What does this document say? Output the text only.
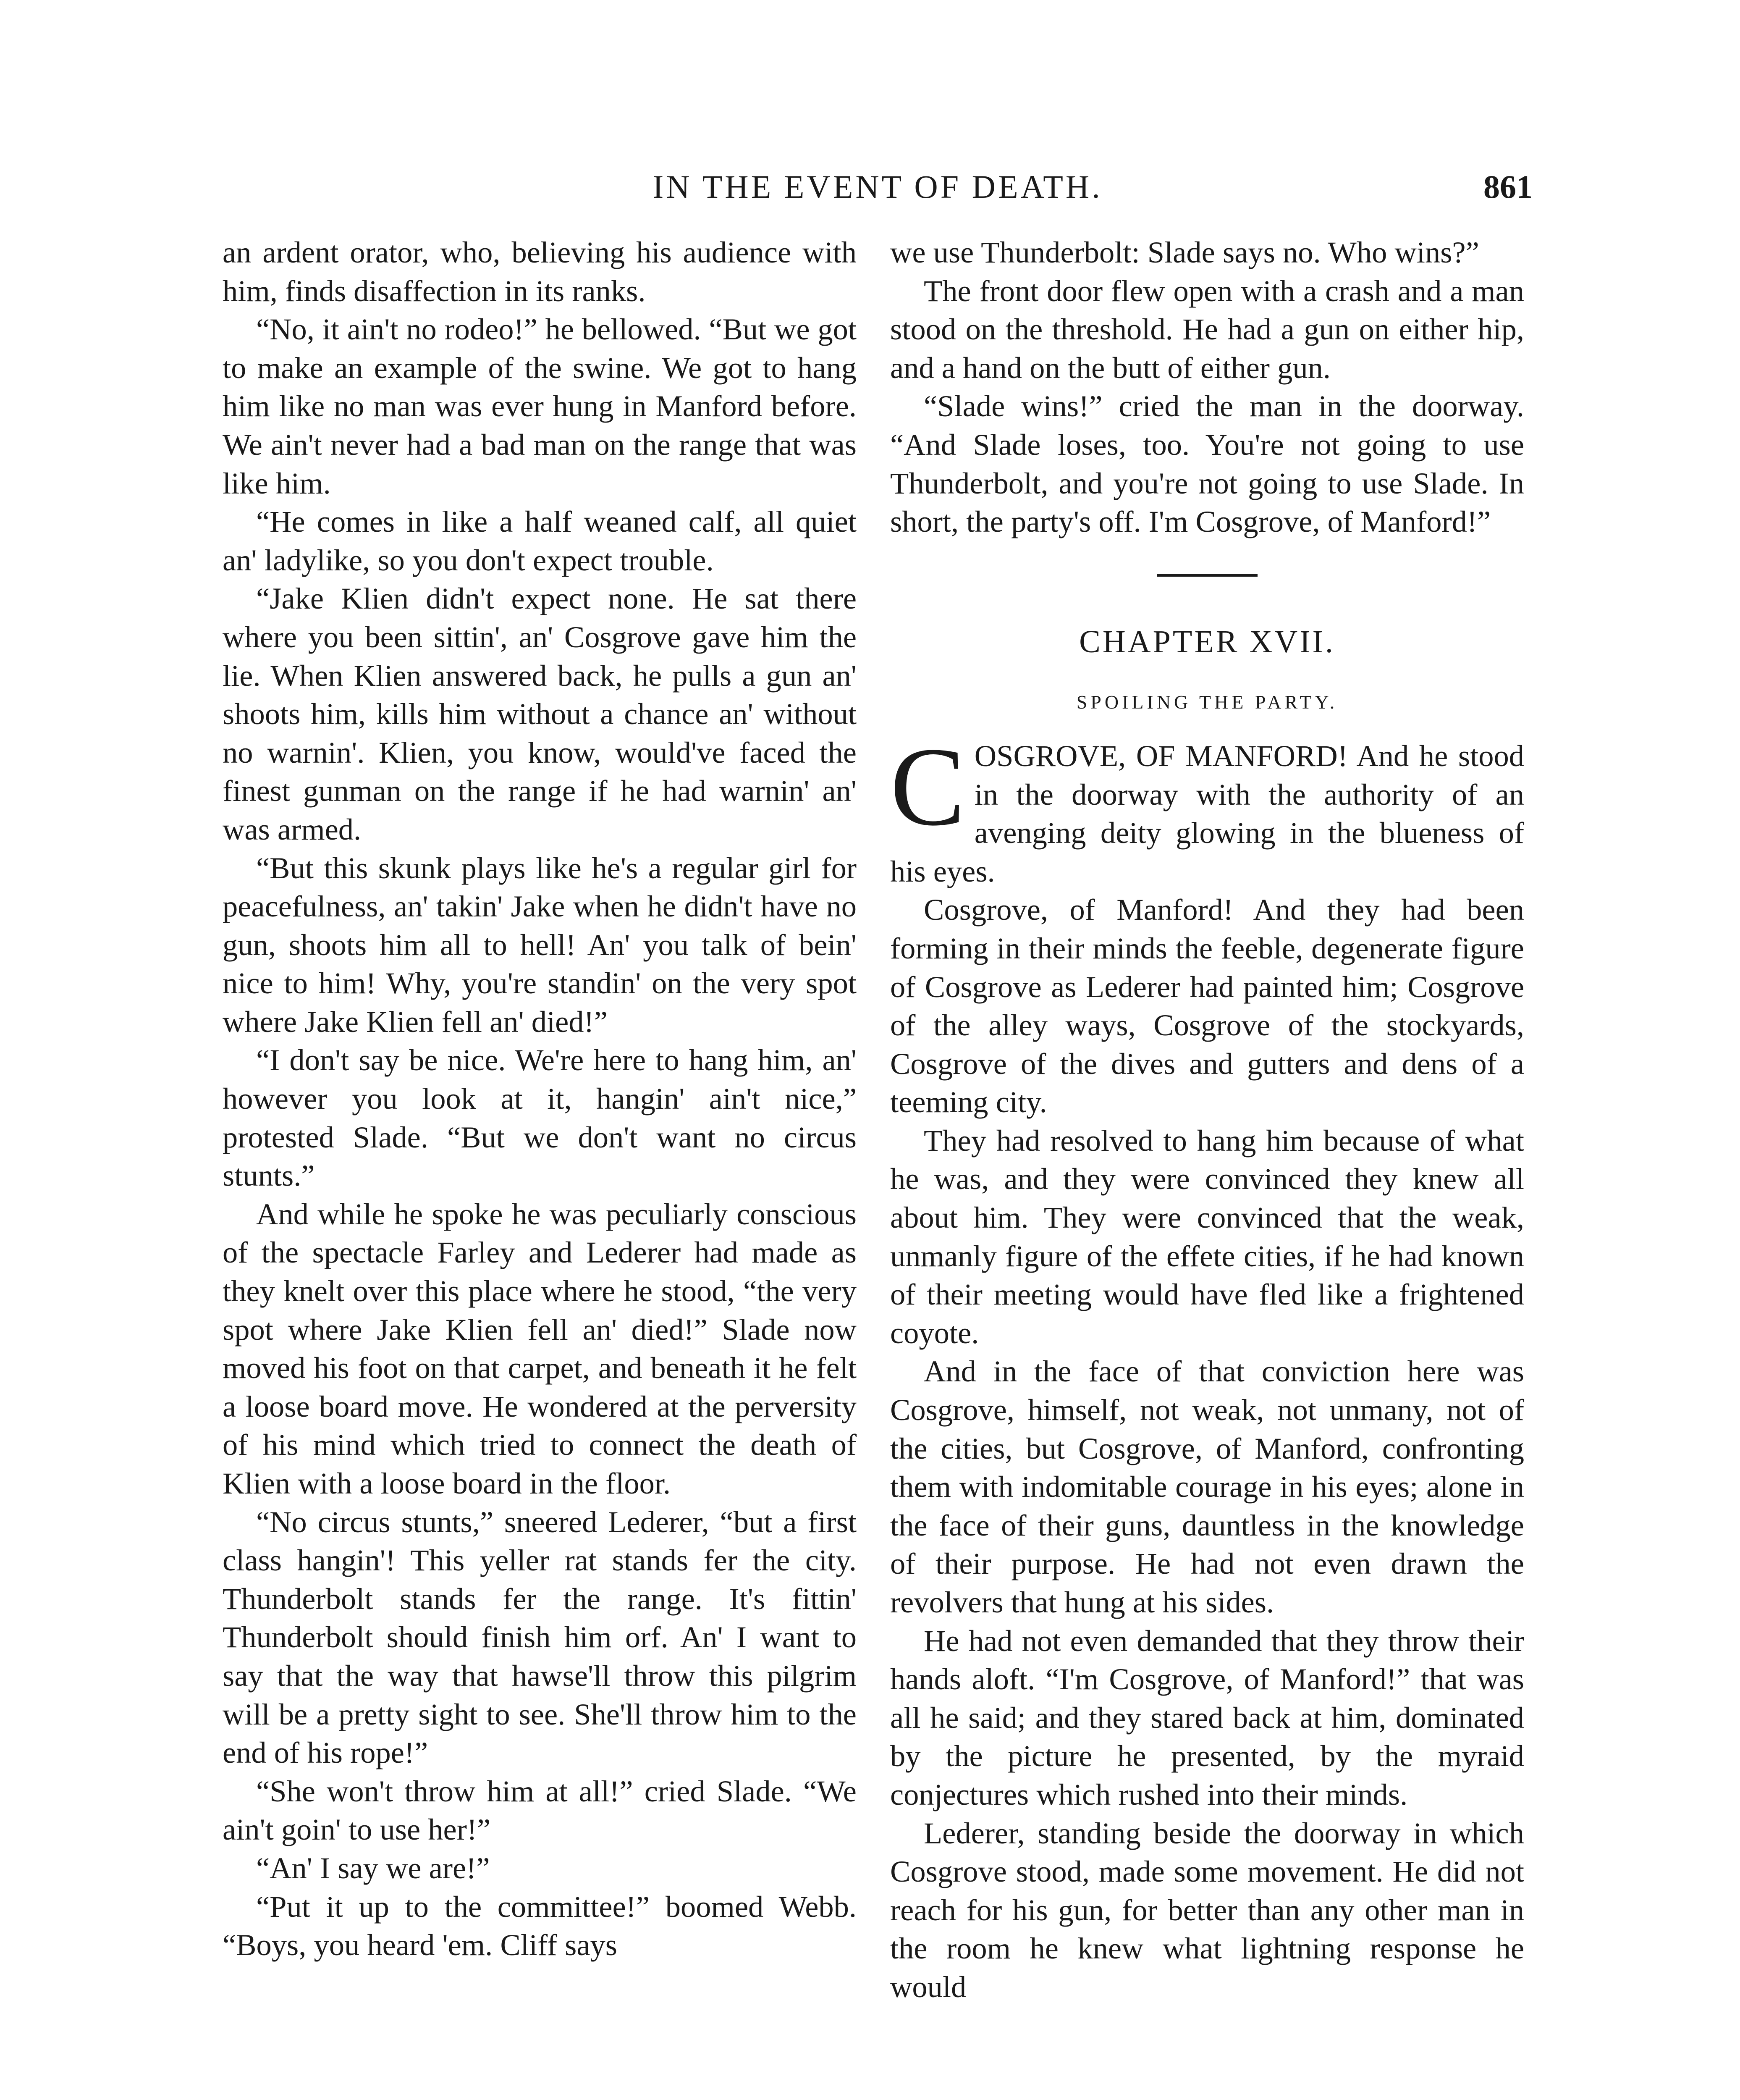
IN THE EVENT OF DEATH.	861

an ardent orator, who, believing his audience with him, finds disaffection in its ranks.

“No, it ain't no rodeo!” he bellowed. “But we got to make an example of the swine. We got to hang him like no man was ever hung in Manford before. We ain't never had a bad man on the range that was like him.

“He comes in like a half weaned calf, all quiet an' ladylike, so you don't expect trouble.

“Jake Klien didn't expect none. He sat there where you been sittin', an' Cosgrove gave him the lie. When Klien answered back, he pulls a gun an' shoots him, kills him without a chance an' without no warnin'. Klien, you know, would've faced the finest gunman on the range if he had warnin' an' was armed.

“But this skunk plays like he's a regular girl for peacefulness, an' takin' Jake when he didn't have no gun, shoots him all to hell! An' you talk of bein' nice to him! Why, you're standin' on the very spot where Jake Klien fell an' died!”

“I don't say be nice. We're here to hang him, an' however you look at it, hangin' ain't nice,” protested Slade. “But we don't want no circus stunts.”

And while he spoke he was peculiarly conscious of the spectacle Farley and Lederer had made as they knelt over this place where he stood, “the very spot where Jake Klien fell an' died!” Slade now moved his foot on that carpet, and beneath it he felt a loose board move. He wondered at the perversity of his mind which tried to connect the death of Klien with a loose board in the floor.

“No circus stunts,” sneered Lederer, “but a first class hangin'! This yeller rat stands fer the city. Thunderbolt stands fer the range. It's fittin' Thunderbolt should finish him orf. An' I want to say that the way that hawse'll throw this pilgrim will be a pretty sight to see. She'll throw him to the end of his rope!”

“She won't throw him at all!” cried Slade. “We ain't goin' to use her!”

“An' I say we are!”

“Put it up to the committee!” boomed Webb. “Boys, you heard 'em. Cliff says

we use Thunderbolt: Slade says no. Who wins?”

The front door flew open with a crash and a man stood on the threshold. He had a gun on either hip, and a hand on the butt of either gun.

“Slade wins!” cried the man in the doorway. “And Slade loses, too. You're not going to use Thunderbolt, and you're not going to use Slade. In short, the party's off. I'm Cosgrove, of Manford!”

CHAPTER XVII.
SPOILING THE PARTY.

COSGROVE, OF MANFORD! And he stood in the doorway with the authority of an avenging deity glowing in the blueness of his eyes.

Cosgrove, of Manford! And they had been forming in their minds the feeble, degenerate figure of Cosgrove as Lederer had painted him; Cosgrove of the alley ways, Cosgrove of the stockyards, Cosgrove of the dives and gutters and dens of a teeming city.

They had resolved to hang him because of what he was, and they were convinced they knew all about him. They were convinced that the weak, unmanly figure of the effete cities, if he had known of their meeting would have fled like a frightened coyote.

And in the face of that conviction here was Cosgrove, himself, not weak, not unmany, not of the cities, but Cosgrove, of Manford, confronting them with indomitable courage in his eyes; alone in the face of their guns, dauntless in the knowledge of their purpose. He had not even drawn the revolvers that hung at his sides.

He had not even demanded that they throw their hands aloft. “I'm Cosgrove, of Manford!” that was all he said; and they stared back at him, dominated by the picture he presented, by the myraid conjectures which rushed into their minds.

Lederer, standing beside the doorway in which Cosgrove stood, made some movement. He did not reach for his gun, for better than any other man in the room he knew what lightning response he would
